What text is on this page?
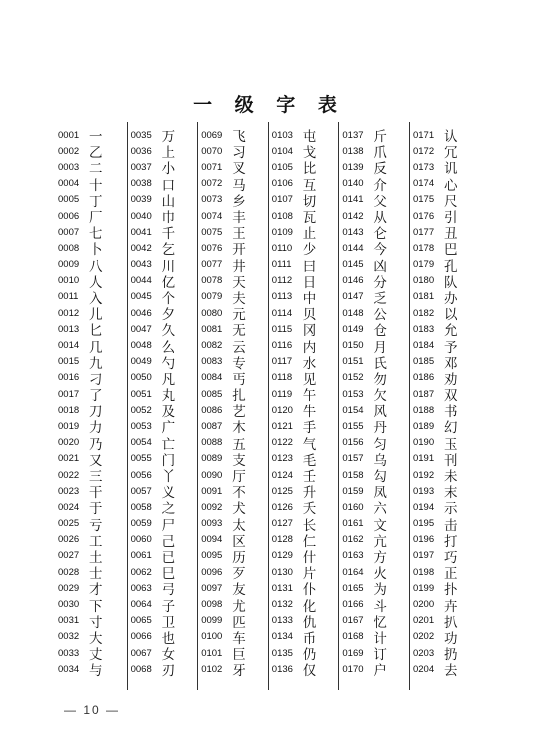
一 级 字 表
0001 一
0002 乙
0003 二
0004 十
0005 丁
0006 厂
0007 七
0008 卜
0009 八
0010 人
0011 入
0012 儿
0013 匕
0014 几
0015 九
0016 刁
0017 了
0018 刀
0019 力
0020 乃
0021 又
0022 三
0023 干
0024 于
0025 亏
0026 工
0027 土
0028 士
0029 才
0030 下
0031 寸
0032 大
0033 丈
0034 与
0035 万
0036 上
0037 小
0038 口
0039 山
0040 巾
0041 千
0042 乞
0043 川
0044 亿
0045 个
0046 夕
0047 久
0048 么
0049 勺
0050 凡
0051 丸
0052 及
0053 广
0054 亡
0055 门
0056 丫
0057 义
0058 之
0059 尸
0060 己
0061 已
0062 巳
0063 弓
0064 子
0065 卫
0066 也
0067 女
0068 刃
0069 飞
0070 习
0071 叉
0072 马
0073 乡
0074 丰
0075 王
0076 开
0077 井
0078 天
0079 夫
0080 元
0081 无
0082 云
0083 专
0084 丐
0085 扎
0086 艺
0087 木
0088 五
0089 支
0090 厅
0091 不
0092 犬
0093 太
0094 区
0095 历
0096 歹
0097 友
0098 尤
0099 匹
0100 车
0101 巨
0102 牙
0103 屯
0104 戈
0105 比
0106 互
0107 切
0108 瓦
0109 止
0110 少
0111 曰
0112 日
0113 中
0114 贝
0115 冈
0116 内
0117 水
0118 见
0119 午
0120 牛
0121 手
0122 气
0123 毛
0124 壬
0125 升
0126 夭
0127 长
0128 仁
0129 什
0130 片
0131 仆
0132 化
0133 仇
0134 币
0135 仍
0136 仅
0137 斤
0138 爪
0139 反
0140 介
0141 父
0142 从
0143 仑
0144 今
0145 凶
0146 分
0147 乏
0148 公
0149 仓
0150 月
0151 氏
0152 勿
0153 欠
0154 风
0155 丹
0156 匀
0157 乌
0158 勾
0159 凤
0160 六
0161 文
0162 亢
0163 方
0164 火
0165 为
0166 斗
0167 忆
0168 计
0169 订
0170 户
0171 认
0172 冗
0173 讥
0174 心
0175 尺
0176 引
0177 丑
0178 巴
0179 孔
0180 队
0181 办
0182 以
0183 允
0184 予
0185 邓
0186 劝
0187 双
0188 书
0189 幻
0190 玉
0191 刊
0192 未
0193 末
0194 示
0195 击
0196 打
0197 巧
0198 正
0199 扑
0200 卉
0201 扒
0202 功
0203 扔
0204 去
— 10 —
